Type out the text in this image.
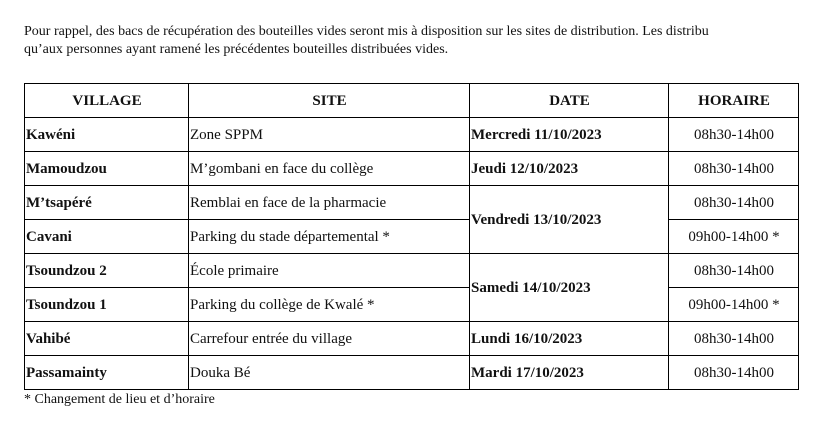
Pour rappel, des bacs de récupération des bouteilles vides seront mis à disposition sur les sites de distribution. Les distribu
qu’aux personnes ayant ramené les précédentes bouteilles distribuées vides.
VILLAGE	SITE	DATE	HORAIRE
Kawéni	Zone SPPM	Mercredi 11/10/2023	08h30-14h00
Mamoudzou	M’gombani en face du collège	Jeudi 12/10/2023	08h30-14h00
M’tsapéré	Remblai en face de la pharmacie	Vendredi 13/10/2023	08h30-14h00
Cavani	Parking du stade départemental *		09h00-14h00 *
Tsoundzou 2	École primaire	Samedi 14/10/2023	08h30-14h00
Tsoundzou 1	Parking du collège de Kwalé *		09h00-14h00 *
Vahibé	Carrefour entrée du village	Lundi 16/10/2023	08h30-14h00
Passamainty	Douka Bé	Mardi 17/10/2023	08h30-14h00
* Changement de lieu et d’horaire
